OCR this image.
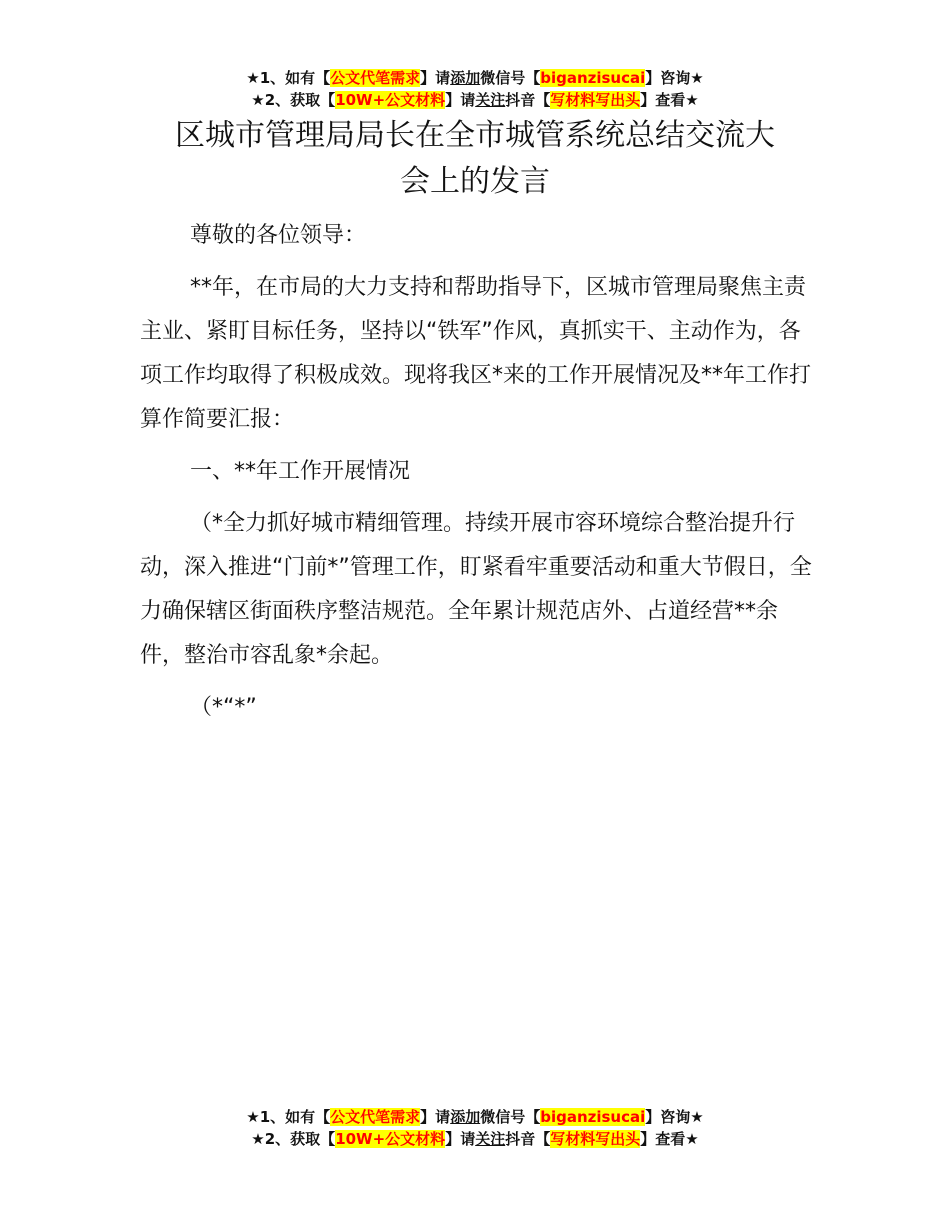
★1、如有【公文代笔需求】请添加微信号【biganzisucai】咨询★
★2、获取【10W+公文材料】请关注抖音【写材料写出头】查看★
区城市管理局局长在全市城管系统总结交流大
会上的发言

尊敬的各位领导：

**年，在市局的大力支持和帮助指导下，区城市管理局聚焦主责主业、紧盯目标任务，坚持以“铁军”作风，真抓实干、主动作为，各项工作均取得了积极成效。现将我区*来的工作开展情况及**年工作打算作简要汇报：

一、**年工作开展情况

（*全力抓好城市精细管理。持续开展市容环境综合整治提升行动，深入推进“门前*”管理工作，盯紧看牢重要活动和重大节假日，全力确保辖区街面秩序整洁规范。全年累计规范店外、占道经营**余件，整治市容乱象*余起。

（*“*”

★1、如有【公文代笔需求】请添加微信号【biganzisucai】咨询★
★2、获取【10W+公文材料】请关注抖音【写材料写出头】查看★
